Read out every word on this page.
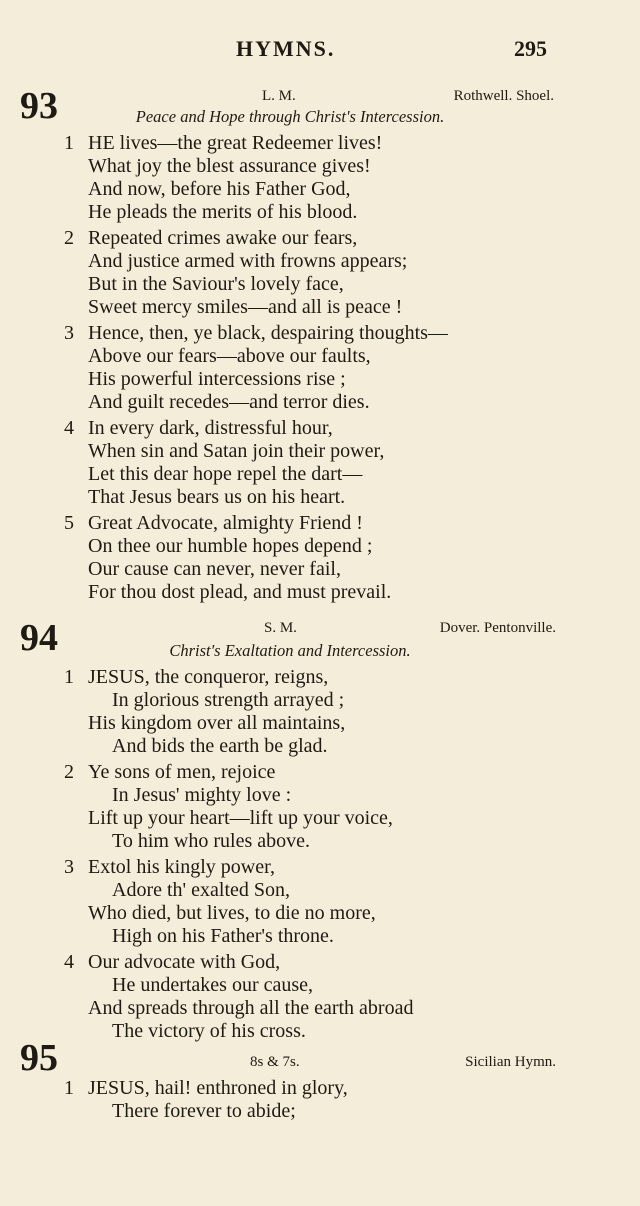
HYMNS.	295
93	L. M.	Rothwell. Shoel.
Peace and Hope through Christ's Intercession.
1 HE lives—the great Redeemer lives!
What joy the blest assurance gives!
And now, before his Father God,
He pleads the merits of his blood.
2 Repeated crimes awake our fears,
And justice armed with frowns appears;
But in the Saviour's lovely face,
Sweet mercy smiles—and all is peace !
3 Hence, then, ye black, despairing thoughts—
Above our fears—above our faults,
His powerful intercessions rise ;
And guilt recedes—and terror dies.
4 In every dark, distressful hour,
When sin and Satan join their power,
Let this dear hope repel the dart—
That Jesus bears us on his heart.
5 Great Advocate, almighty Friend !
On thee our humble hopes depend ;
Our cause can never, never fail,
For thou dost plead, and must prevail.
94	S. M.	Dover. Pentonville.
Christ's Exaltation and Intercession.
1 JESUS, the conqueror, reigns,
In glorious strength arrayed ;
His kingdom over all maintains,
And bids the earth be glad.
2 Ye sons of men, rejoice
In Jesus' mighty love :
Lift up your heart—lift up your voice,
To him who rules above.
3 Extol his kingly power,
Adore th' exalted Son,
Who died, but lives, to die no more,
High on his Father's throne.
4 Our advocate with God,
He undertakes our cause,
And spreads through all the earth abroad
The victory of his cross.
95	8s & 7s.	Sicilian Hymn.
1 JESUS, hail! enthroned in glory,
There forever to abide;
